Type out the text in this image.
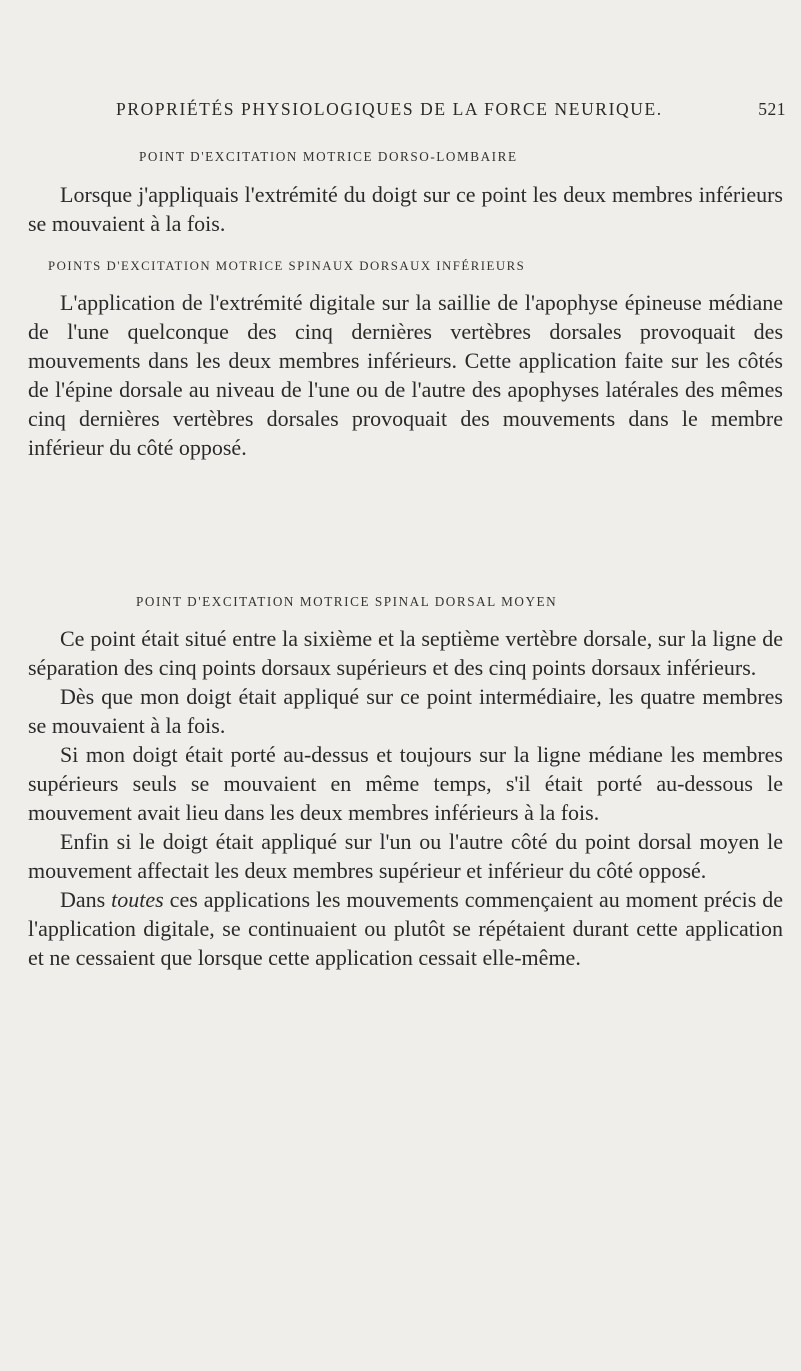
PROPRIÉTÉS PHYSIOLOGIQUES DE LA FORCE NEURIQUE.	521
POINT D'EXCITATION MOTRICE DORSO-LOMBAIRE

Lorsque j'appliquais l'extrémité du doigt sur ce point les deux membres inférieurs se mouvaient à la fois.

POINTS D'EXCITATION MOTRICE SPINAUX DORSAUX INFÉRIEURS

L'application de l'extrémité digitale sur la saillie de l'apophyse épineuse médiane de l'une quelconque des cinq dernières vertèbres dorsales provoquait des mouvements dans les deux membres inférieurs. Cette application faite sur les côtés de l'épine dorsale au niveau de l'une ou de l'autre des apophyses latérales des mêmes cinq dernières vertèbres dorsales provoquait des mouvements dans le membre inférieur du côté opposé.

POINT D'EXCITATION MOTRICE SPINAL DORSAL MOYEN

Ce point était situé entre la sixième et la septième vertèbre dorsale, sur la ligne de séparation des cinq points dorsaux supérieurs et des cinq points dorsaux inférieurs.

Dès que mon doigt était appliqué sur ce point intermédiaire, les quatre membres se mouvaient à la fois.

Si mon doigt était porté au-dessus et toujours sur la ligne médiane les membres supérieurs seuls se mouvaient en même temps, s'il était porté au-dessous le mouvement avait lieu dans les deux membres inférieurs à la fois.

Enfin si le doigt était appliqué sur l'un ou l'autre côté du point dorsal moyen le mouvement affectait les deux membres supérieur et inférieur du côté opposé.

Dans toutes ces applications les mouvements commençaient au moment précis de l'application digitale, se continuaient ou plutôt se répétaient durant cette application et ne cessaient que lorsque cette application cessait elle-même.
